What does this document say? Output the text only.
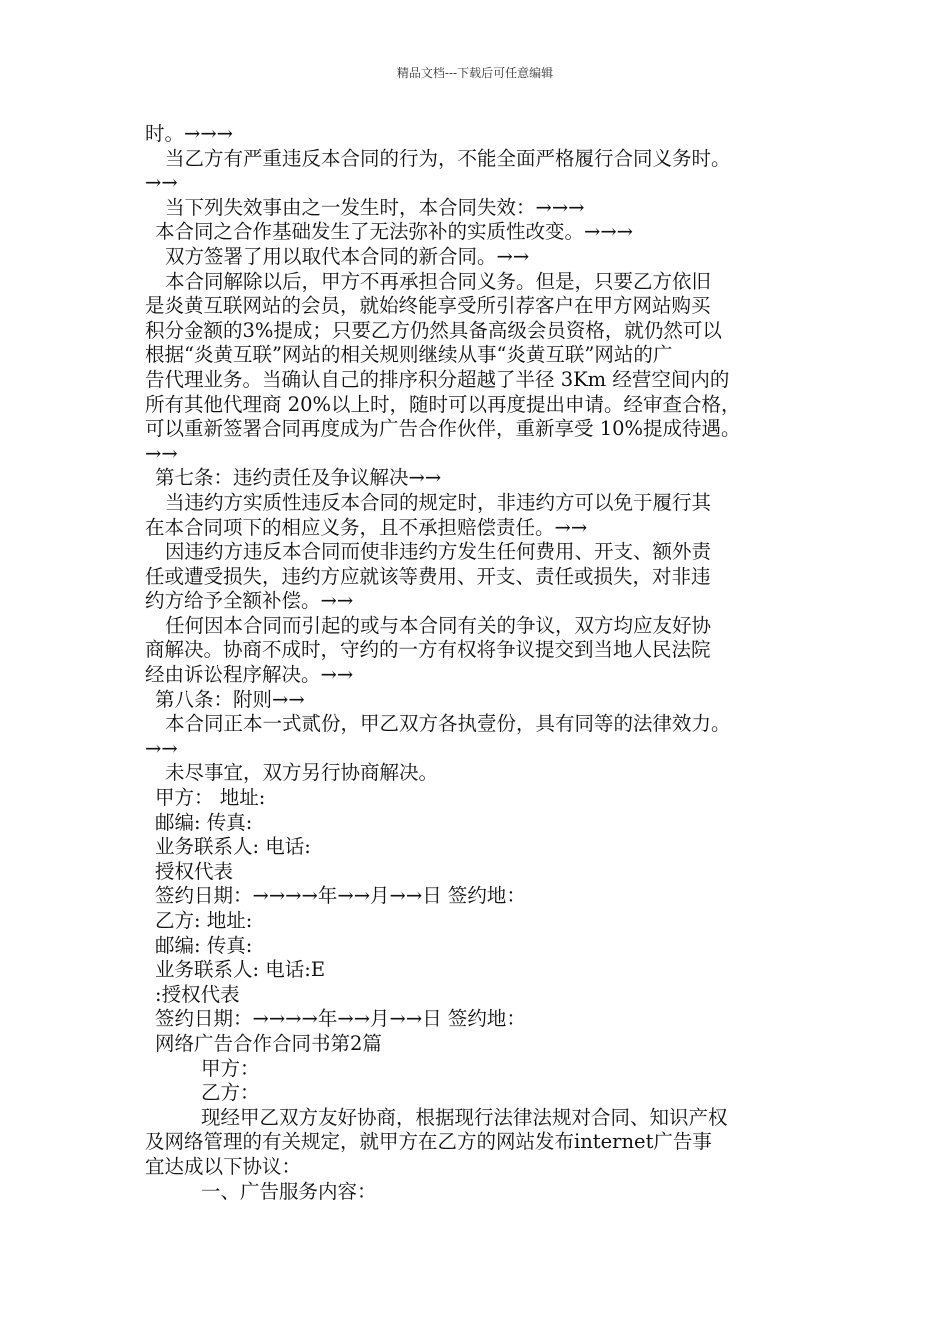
精品文档---下载后可任意编辑
时。→→→
当乙方有严重违反本合同的行为，不能全面严格履行合同义务时。
→→
当下列失效事由之一发生时，本合同失效：→→→
本合同之合作基础发生了无法弥补的实质性改变。→→→
双方签署了用以取代本合同的新合同。→→
本合同解除以后，甲方不再承担合同义务。但是，只要乙方依旧
是炎黄互联网站的会员，就始终能享受所引荐客户在甲方网站购买
积分金额的3%提成；只要乙方仍然具备高级会员资格，就仍然可以
根据“炎黄互联”网站的相关规则继续从事“炎黄互联”网站的广
告代理业务。当确认自己的排序积分超越了半径 3Km 经营空间内的
所有其他代理商 20%以上时，随时可以再度提出申请。经审查合格，
可以重新签署合同再度成为广告合作伙伴，重新享受 10%提成待遇。
→→
第七条：违约责任及争议解决→→
当违约方实质性违反本合同的规定时，非违约方可以免于履行其
在本合同项下的相应义务，且不承担赔偿责任。→→
因违约方违反本合同而使非违约方发生任何费用、开支、额外责
任或遭受损失，违约方应就该等费用、开支、责任或损失，对非违
约方给予全额补偿。→→
任何因本合同而引起的或与本合同有关的争议，双方均应友好协
商解决。协商不成时，守约的一方有权将争议提交到当地人民法院
经由诉讼程序解决。→→
第八条：附则→→
本合同正本一式贰份，甲乙双方各执壹份，具有同等的法律效力。
→→
未尽事宜，双方另行协商解决。
甲方： 地址:
邮编: 传真:
业务联系人: 电话:
授权代表
签约日期：→→→→年→→月→→日 签约地：
乙方: 地址:
邮编: 传真:
业务联系人: 电话:E
:授权代表
签约日期：→→→→年→→月→→日 签约地：
网络广告合作合同书第2篇
甲方：
乙方：
现经甲乙双方友好协商，根据现行法律法规对合同、知识产权
及网络管理的有关规定，就甲方在乙方的网站发布internet广告事
宜达成以下协议：
一、广告服务内容：
